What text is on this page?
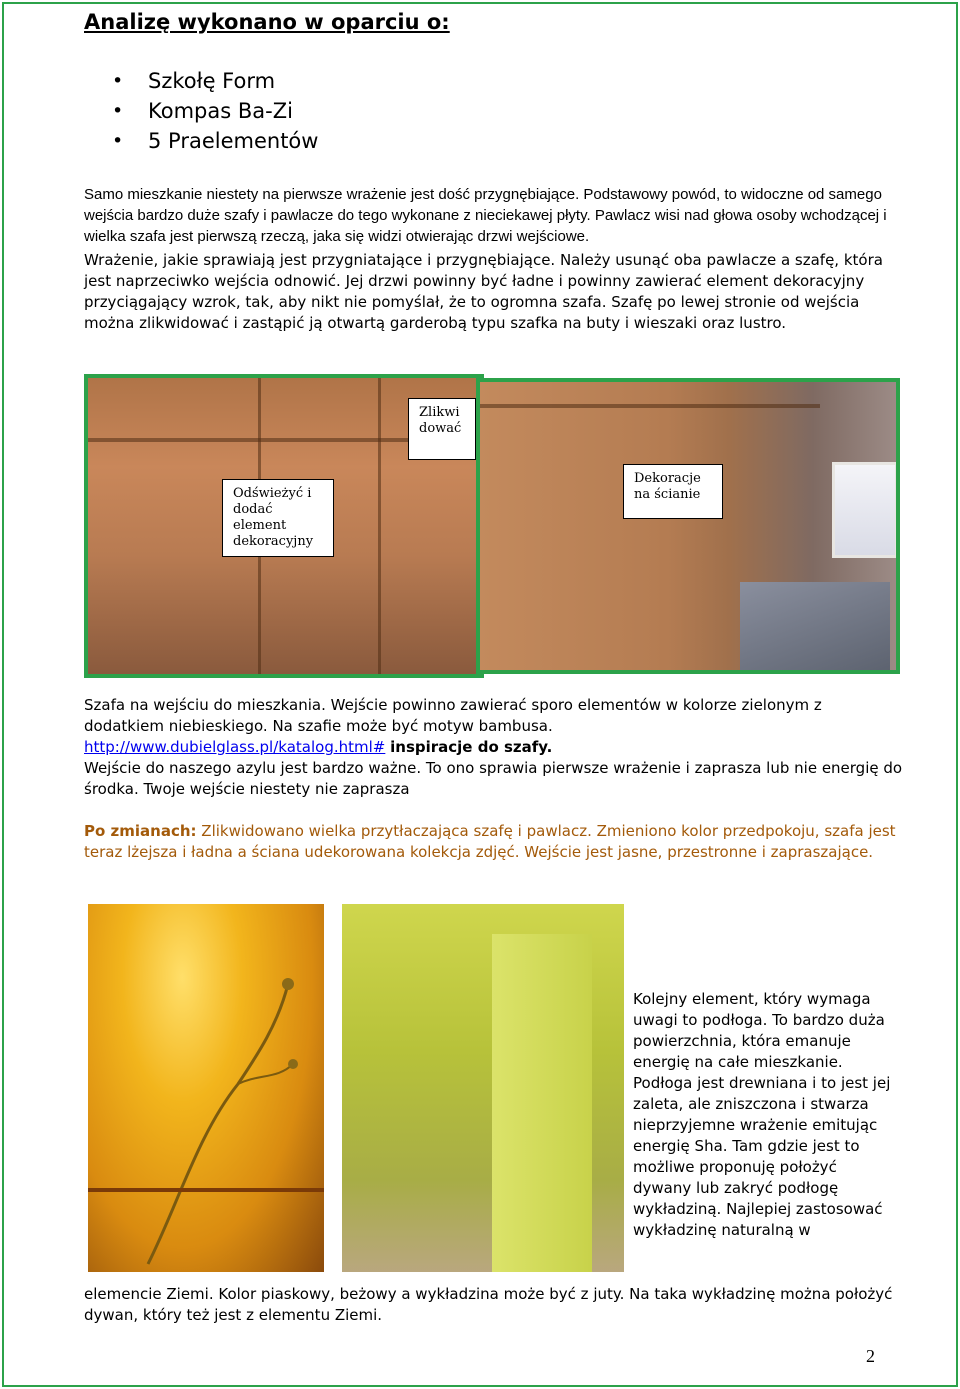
Analizę wykonano w oparciu o:
• Szkołę Form
• Kompas Ba-Zi
• 5 Praelementów

Samo mieszkanie niestety na pierwsze wrażenie jest dość przygnębiające. Podstawowy powód, to widoczne od samego wejścia bardzo duże szafy i pawlacze do tego wykonane z nieciekawej płyty. Pawlacz wisi nad głowa osoby wchodzącej i wielka szafa jest pierwszą rzeczą, jaka się widzi otwierając drzwi wejściowe.

Wrażenie, jakie sprawiają jest przygniatające i przygnębiające. Należy usunąć oba pawlacze a szafę, która jest naprzeciwko wejścia odnowić. Jej drzwi powinny być ładne i powinny zawierać element dekoracyjny przyciągający wzrok, tak, aby nikt nie pomyślał, że to ogromna szafa. Szafę po lewej stronie od wejścia można zlikwidować i zastąpić ją otwartą garderobą typu szafka na buty i wieszaki oraz lustro.

Zlikwi dować
Odświeżyć i dodać element dekoracyjny
Dekoracje na ścianie

Szafa na wejściu do mieszkania. Wejście powinno zawierać sporo elementów w kolorze zielonym z dodatkiem niebieskiego. Na szafie może być motyw bambusa.
http://www.dubielglass.pl/katalog.html# inspiracje do szafy.
Wejście do naszego azylu jest bardzo ważne. To ono sprawia pierwsze wrażenie i zaprasza lub nie energię do środka. Twoje wejście niestety nie zaprasza

Po zmianach: Zlikwidowano wielka przytłaczająca szafę i pawlacz. Zmieniono kolor przedpokoju, szafa jest teraz lżejsza i ładna a ściana udekorowana kolekcja zdjęć. Wejście jest jasne, przestronne i zapraszające.

Kolejny element, który wymaga uwagi to podłoga. To bardzo duża powierzchnia, która emanuje energię na całe mieszkanie. Podłoga jest drewniana i to jest jej zaleta, ale zniszczona i stwarza nieprzyjemne wrażenie emitując energię Sha. Tam gdzie jest to możliwe proponuję położyć dywany lub zakryć podłogę wykładziną. Najlepiej zastosować wykładzinę naturalną w

elemencie Ziemi. Kolor piaskowy, beżowy a wykładzina może być z juty. Na taka wykładzinę można położyć dywan, który też jest z elementu Ziemi.

2
